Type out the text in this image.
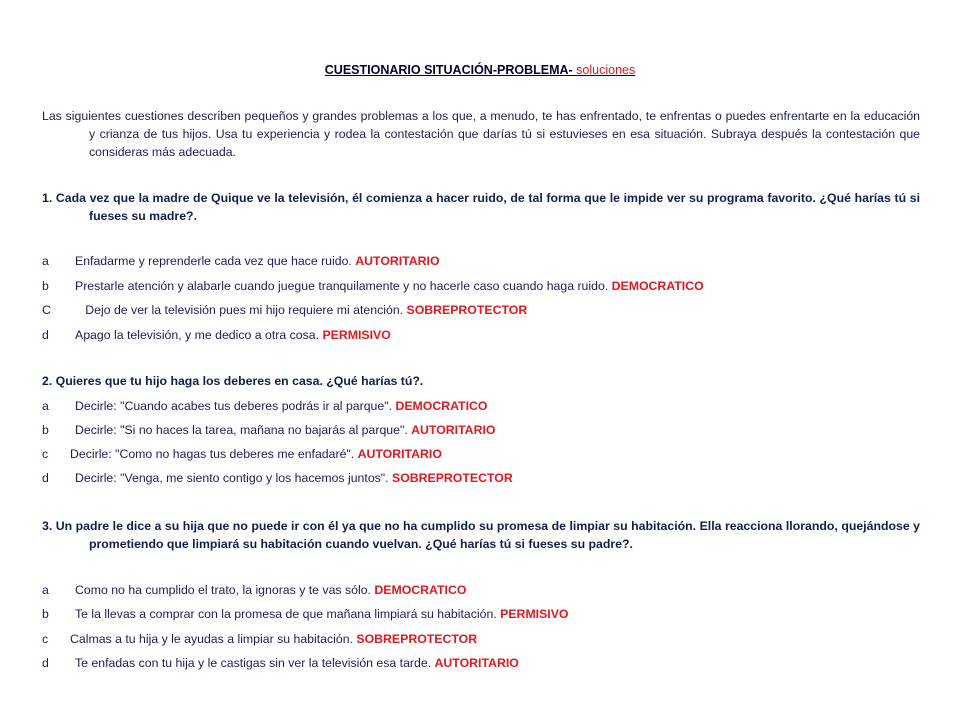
CUESTIONARIO SITUACIÓN-PROBLEMA- soluciones
Las siguientes cuestiones describen pequeños y grandes problemas a los que, a menudo, te has enfrentado, te enfrentas o puedes enfrentarte en la educación y crianza de tus hijos. Usa tu experiencia y rodea la contestación que darías tú si estuvieses en esa situación. Subraya después la contestación que consideras más adecuada.
1. Cada vez que la madre de Quique ve la televisión, él comienza a hacer ruido, de tal forma que le impide ver su programa favorito. ¿Qué harías tú si fueses su madre?.
a Enfadarme y reprenderle cada vez que hace ruido. AUTORITARIO
b Prestarle atención y alabarle cuando juegue tranquilamente y no hacerle caso cuando haga ruido. DEMOCRATICO
C   Dejo de ver la televisión pues mi hijo requiere mi atención. SOBREPROTECTOR
d Apago la televisión, y me dedico a otra cosa. PERMISIVO
2. Quieres que tu hijo haga los deberes en casa. ¿Qué harías tú?.
a Decirle: "Cuando acabes tus deberes podrás ir al parque". DEMOCRATICO
b Decirle: "Si no haces la tarea, mañana no bajarás al parque". AUTORITARIO
c Decirle: "Como no hagas tus deberes me enfadaré". AUTORITARIO
d Decirle: "Venga, me siento contigo y los hacemos juntos". SOBREPROTECTOR
3. Un padre le dice a su hija que no puede ir con él ya que no ha cumplido su promesa de limpiar su habitación. Ella reacciona llorando, quejándose y prometiendo que limpiará su habitación cuando vuelvan. ¿Qué harías tú si fueses su padre?.
a Como no ha cumplido el trato, la ignoras y te vas sólo. DEMOCRATICO
b Te la llevas a comprar con la promesa de que mañana limpiará su habitación. PERMISIVO
c Calmas a tu hija y le ayudas a limpiar su habitación. SOBREPROTECTOR
d Te enfadas con tu hija y le castigas sin ver la televisión esa tarde. AUTORITARIO
